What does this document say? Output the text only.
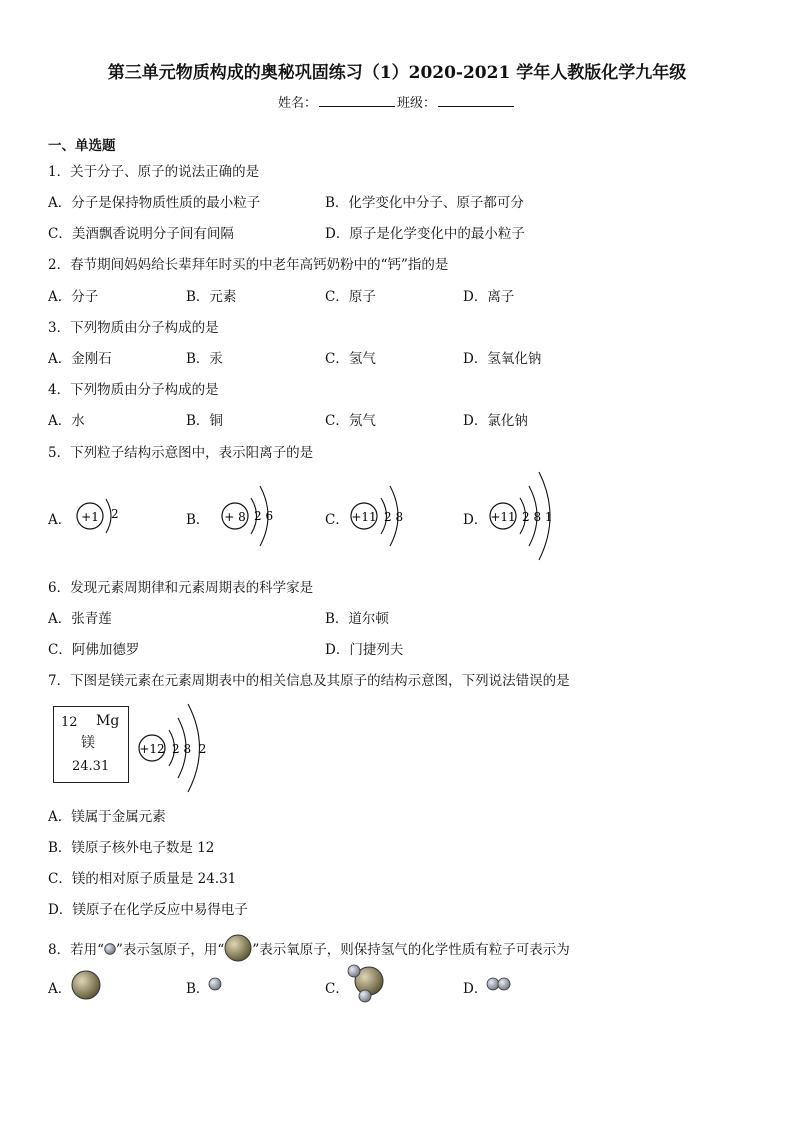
第三单元物质构成的奥秘巩固练习（1）2020-2021 学年人教版化学九年级
姓名：	班级：
一、单选题
1．关于分子、原子的说法正确的是
A．分子是保持物质性质的最小粒子	B．化学变化中分子、原子都可分
C．美酒飘香说明分子间有间隔	D．原子是化学变化中的最小粒子
2．春节期间妈妈给长辈拜年时买的中老年高钙奶粉中的“钙”指的是
A．分子	B．元素	C．原子	D．离子
3．下列物质由分子构成的是
A．金刚石	B．汞	C．氢气	D．氢氧化钠
4．下列物质由分子构成的是
A．水	B．铜	C．氖气	D．氯化钠
5．下列粒子结构示意图中，表示阳离子的是
A．	B．	C．	D．
+1 2	+ 8 2 6	+11 2 8	+11 2 8 1
6．发现元素周期律和元素周期表的科学家是
A．张青莲	B．道尔顿
C．阿佛加德罗	D．门捷列夫
7．下图是镁元素在元素周期表中的相关信息及其原子的结构示意图，下列说法错误的是
12 Mg
镁
24.31
+12 2 8  2
A．镁属于金属元素
B．镁原子核外电子数是 12
C．镁的相对原子质量是 24.31
D．镁原子在化学反应中易得电子
8．若用“ ”表示氢原子，用“ ”表示氧原子，则保持氢气的化学性质有粒子可表示为
A．	B．	C．	D．
